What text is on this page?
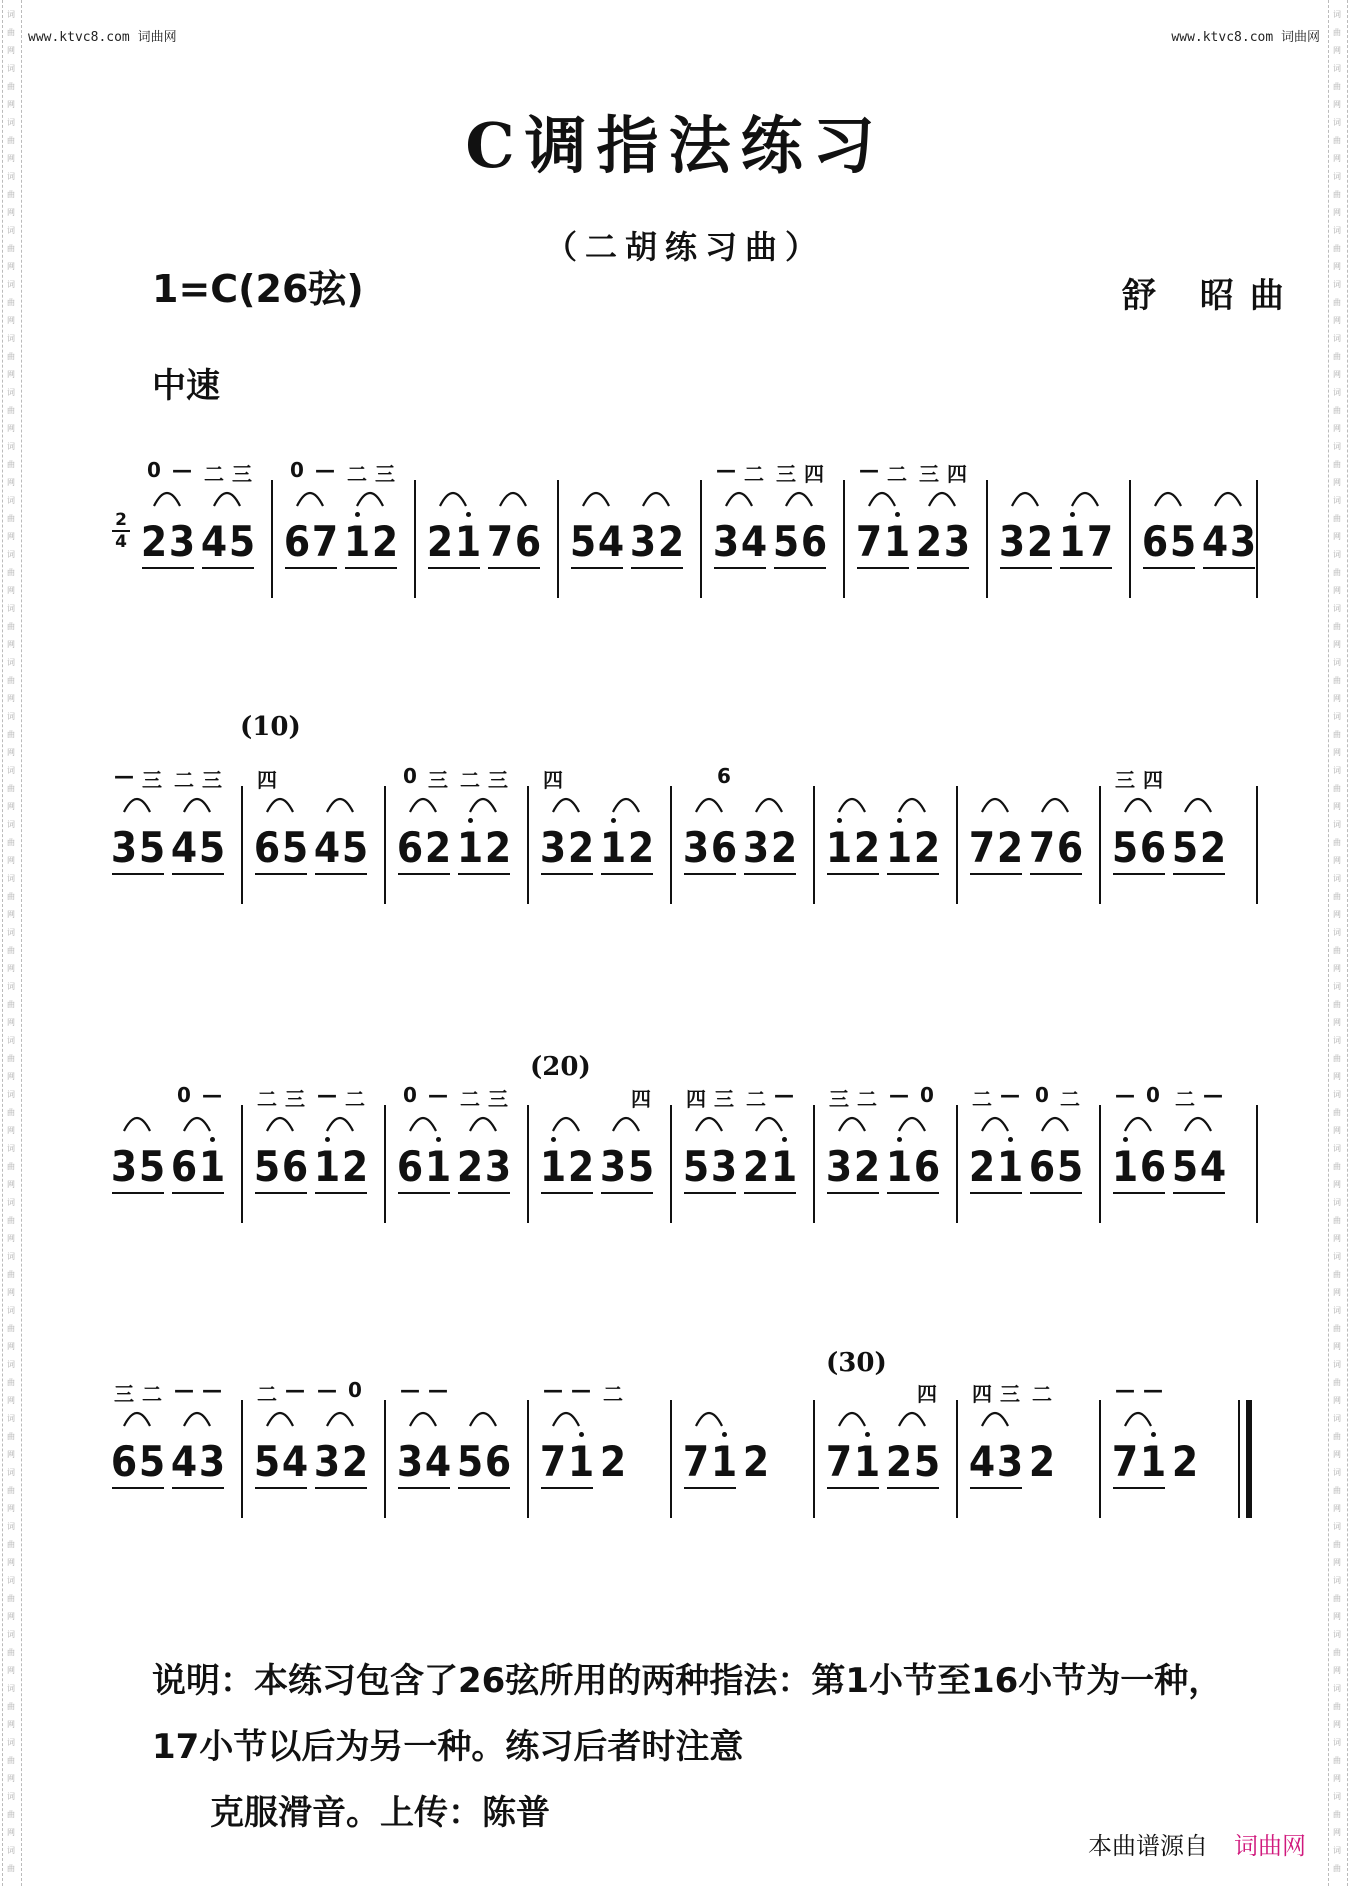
词
曲
网
词
曲
网
词
曲
网
词
曲
网
词
曲
网
词
曲
网
词
曲
网
词
曲
网
词
曲
网
词
曲
网
词
曲
网
词
曲
网
词
曲
网
词
曲
网
词
曲
网
词
曲
网
词
曲
网
词
曲
网
词
曲
网
词
曲
网
词
曲
网
词
曲
网
词
曲
网
词
曲
网
词
曲
网
词
曲
网
词
曲
网
词
曲
网
词
曲
网
词
曲
网
词
曲
网
词
曲
网
词
曲
网
词
曲
网
词
曲
词
曲
网
词
曲
网
词
曲
网
词
曲
网
词
曲
网
词
曲
网
词
曲
网
词
曲
网
词
曲
网
词
曲
网
词
曲
网
词
曲
网
词
曲
网
词
曲
网
词
曲
网
词
曲
网
词
曲
网
词
曲
网
词
曲
网
词
曲
网
词
曲
网
词
曲
网
词
曲
网
词
曲
网
词
曲
网
词
曲
网
词
曲
网
词
曲
网
词
曲
网
词
曲
网
词
曲
网
词
曲
网
词
曲
网
词
曲
网
词
曲
www.ktvc8.com 词曲网	www.ktvc8.com 词曲网
C调指法练习
（二胡练习曲）
1=C(26弦)	舒 昭曲
中速
2
4
(10)
(20)
(30)
2
0
3
—
4
二
5
三
6
0
7
—
1
二
2
三
2 1 7 6 5 4 3 2 3
—
4
二
5
三
6
四
7
—
1
二
2
三
3
四
3 2 1 7 6 5 4 3
3
—
5
三
4
二
5
三
6
四
5 4 5 6
0
2
三
1
二
2
三
3
四
2 1 2 3 6
6
3 2 1 2 1 2 7 2 7 6 5
三
6
四
5 2
3 5 6
0
1
—
5
二
6
三
1
—
2
二
6
0
1
—
2
二
3
三
1 2 3 5
四
5
四
3
三
2
二
1
—
3
三
2
二
1
—
6
0
2
二
1
—
6
0
5
二
1
—
6
0
5
二
4
—
6
三
5
二
4
—
3
—
5
二
4
—
3
—
2
0
3
—
4
—
5 6 7
—
1
—
2
二
7 1 2 7 1 2 5
四
4
四
3
三
2
二
7
—
1
—
2
说明：本练习包含了26弦所用的两种指法：第1小节至16小节为一种，17小节以后为另一种。练习后者时注意
克服滑音。上传：陈普
本曲谱源自 词曲网
